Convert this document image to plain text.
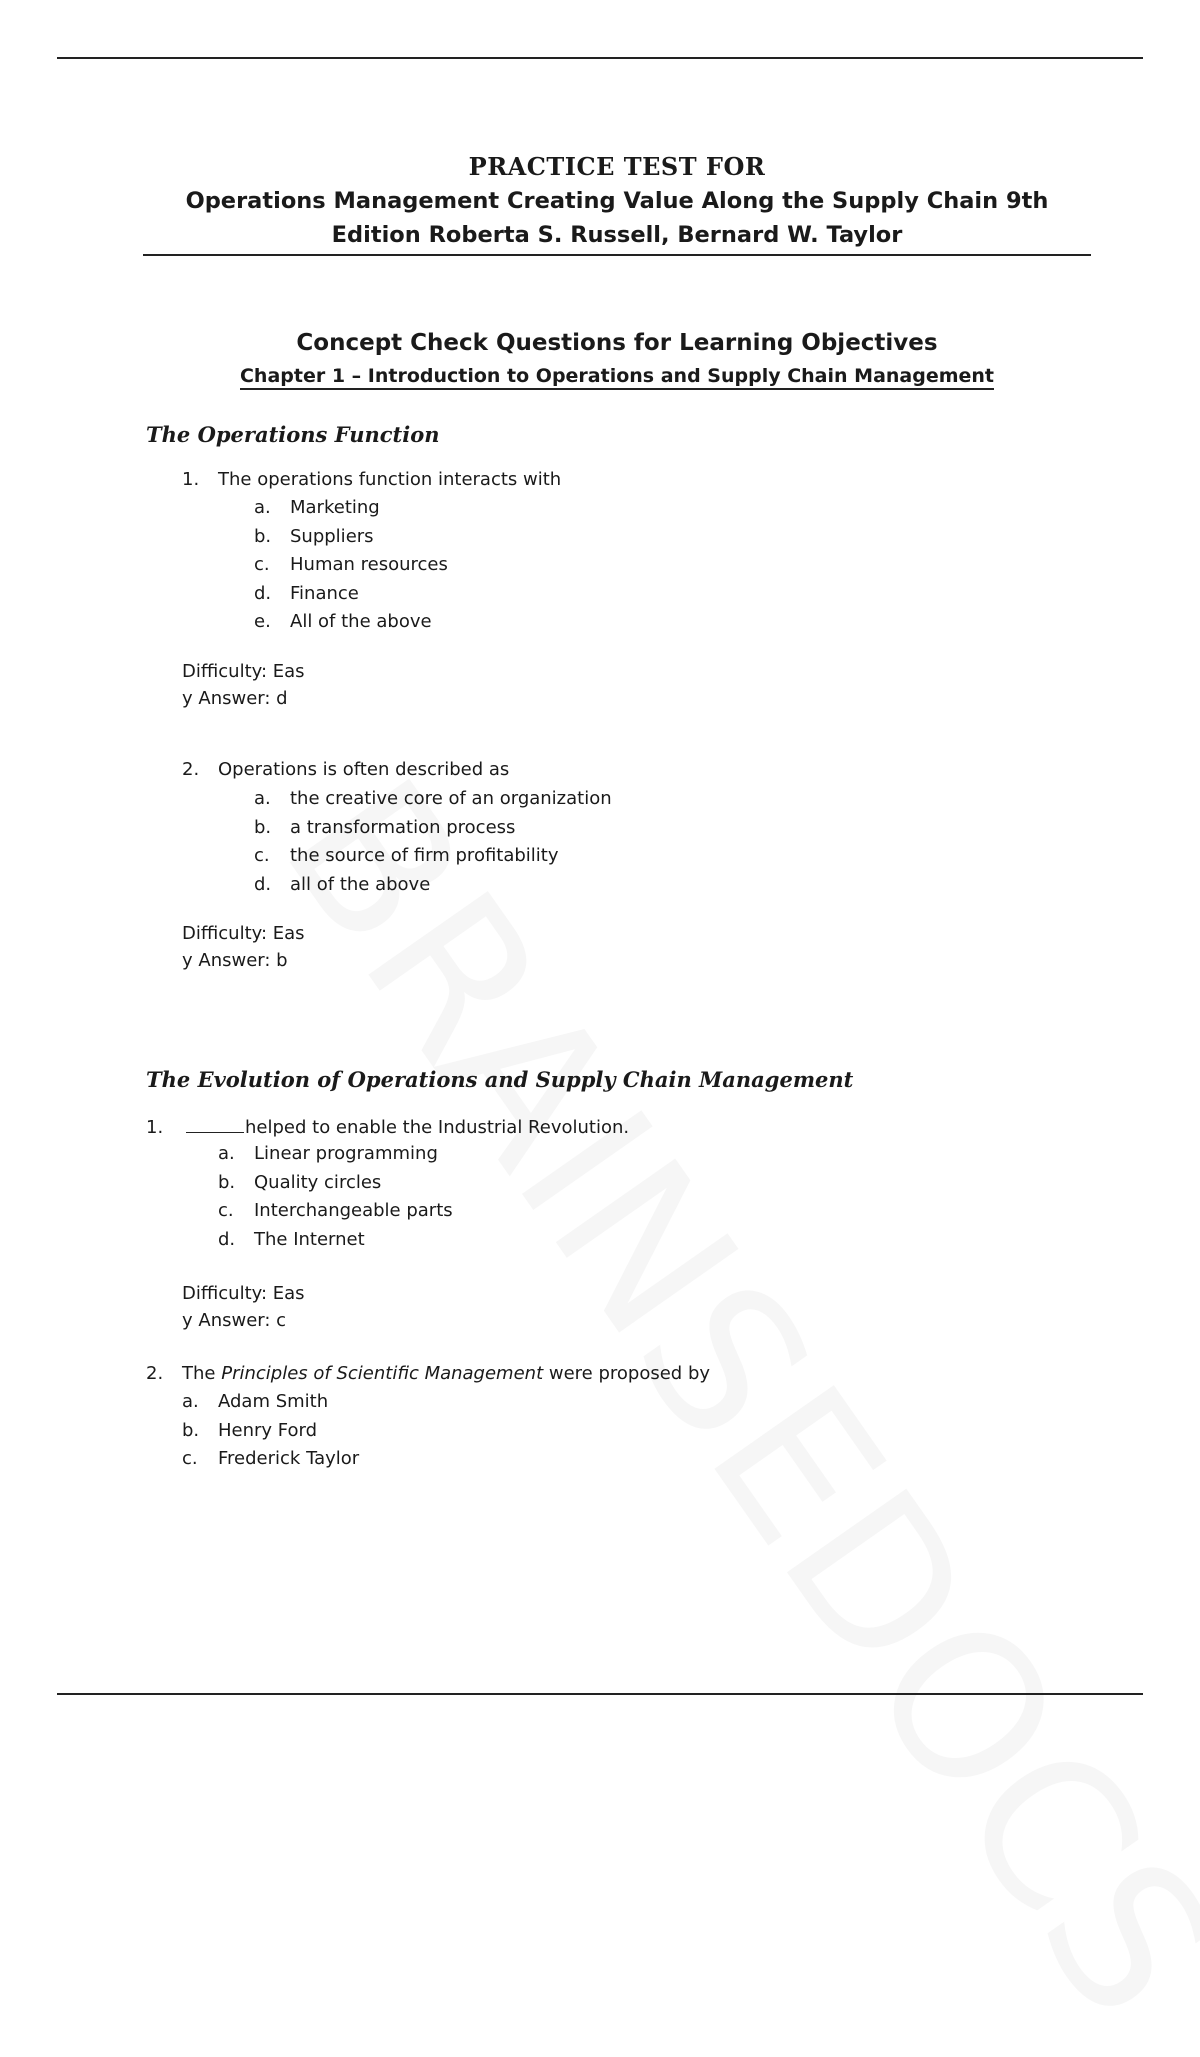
PRACTICE TEST FOR
Operations Management Creating Value Along the Supply Chain 9th Edition Roberta S. Russell, Bernard W. Taylor
Concept Check Questions for Learning Objectives
Chapter 1 – Introduction to Operations and Supply Chain Management
The Operations Function
1. The operations function interacts with
a. Marketing
b. Suppliers
c. Human resources
d. Finance
e. All of the above
Difficulty: Eas
y Answer: d
2. Operations is often described as
a. the creative core of an organization
b. a transformation process
c. the source of firm profitability
d. all of the above
Difficulty: Eas
y Answer: b
The Evolution of Operations and Supply Chain Management
1.	helped to enable the Industrial Revolution.
a. Linear programming
b. Quality circles
c. Interchangeable parts
d. The Internet
Difficulty: Eas
y Answer: c
2. The Principles of Scientific Management were proposed by
a. Adam Smith
b. Henry Ford
c. Frederick Taylor
